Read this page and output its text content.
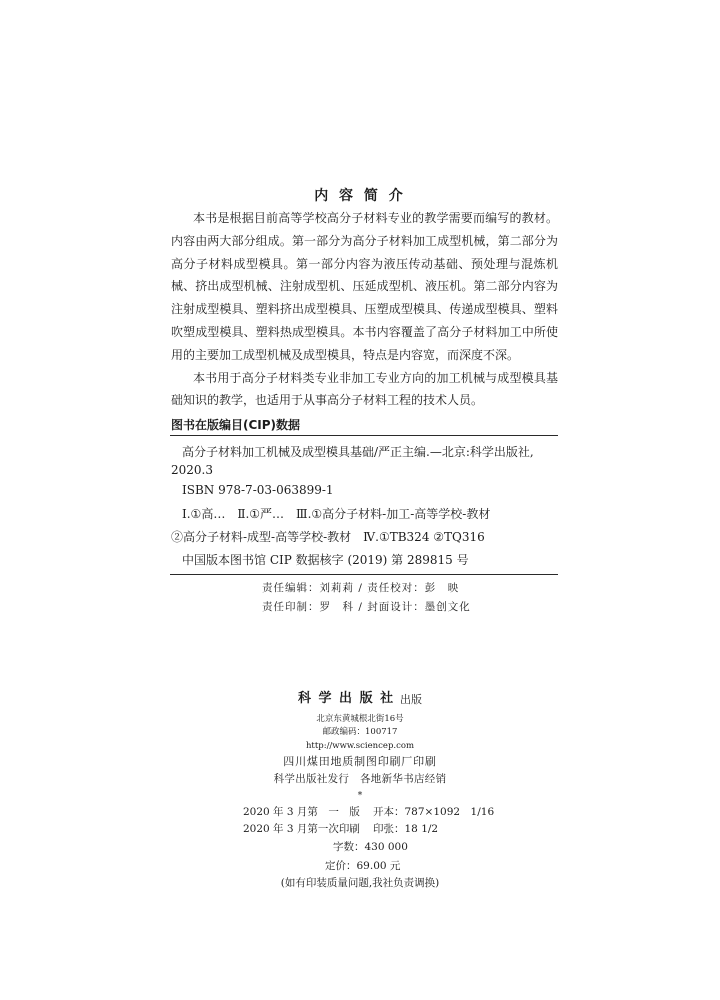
内 容 简 介
本书是根据目前高等学校高分子材料专业的教学需要而编写的教材。
内容由两大部分组成。第一部分为高分子材料加工成型机械，第二部分为
高分子材料成型模具。第一部分内容为液压传动基础、预处理与混炼机
械、挤出成型机械、注射成型机、压延成型机、液压机。第二部分内容为
注射成型模具、塑料挤出成型模具、压塑成型模具、传递成型模具、塑料
吹塑成型模具、塑料热成型模具。本书内容覆盖了高分子材料加工中所使
用的主要加工成型机械及成型模具，特点是内容宽，而深度不深。
本书用于高分子材料类专业非加工专业方向的加工机械与成型模具基
础知识的教学，也适用于从事高分子材料工程的技术人员。
图书在版编目(CIP)数据
高分子材料加工机械及成型模具基础/严正主编.—北京:科学出版社,
2020.3
ISBN 978-7-03-063899-1
Ⅰ.①高…　Ⅱ.①严…　Ⅲ.①高分子材料-加工-高等学校-教材
②高分子材料-成型-高等学校-教材　Ⅳ.①TB324 ②TQ316
中国版本图书馆 CIP 数据核字 (2019) 第 289815 号
责任编辑：刘莉莉 / 责任校对：彭　映
责任印制：罗　科 / 封面设计：墨创文化
科 学 出 版 社 出版
北京东黄城根北街16号
邮政编码：100717
http://www.sciencep.com
四川煤田地质制图印刷厂印刷
科学出版社发行　各地新华书店经销
*
2020 年 3 月第　一　版 开本：787×1092　1/16
2020 年 3 月第一次印刷 印张：18 1/2
字数：430 000
定价：69.00 元
(如有印装质量问题,我社负责调换)
